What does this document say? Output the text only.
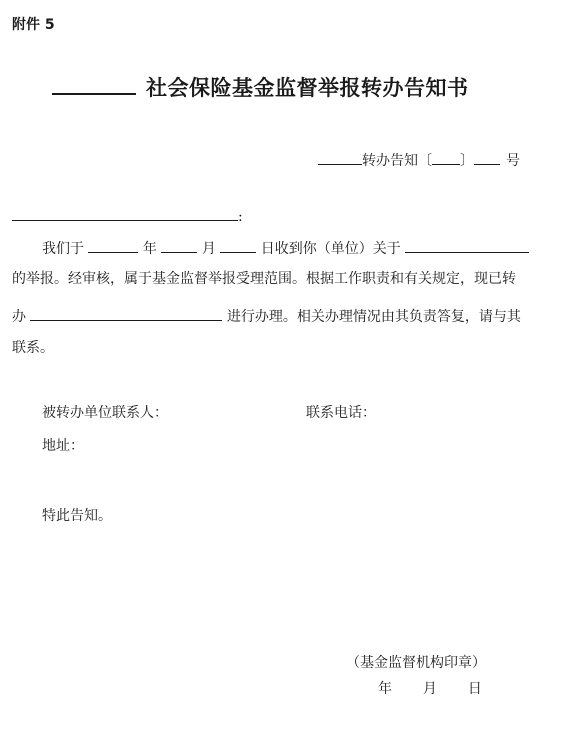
附件 5
社会保险基金监督举报转办告知书
转办告知〔 〕 号
:
我们于	年	月	日收到你（单位）关于
的举报。经审核，属于基金监督举报受理范围。根据工作职责和有关规定，现已转
办	进行办理。相关办理情况由其负责答复，请与其
联系。
被转办单位联系人：	联系电话：
地址：
特此告知。
（基金监督机构印章）
年 月 日
